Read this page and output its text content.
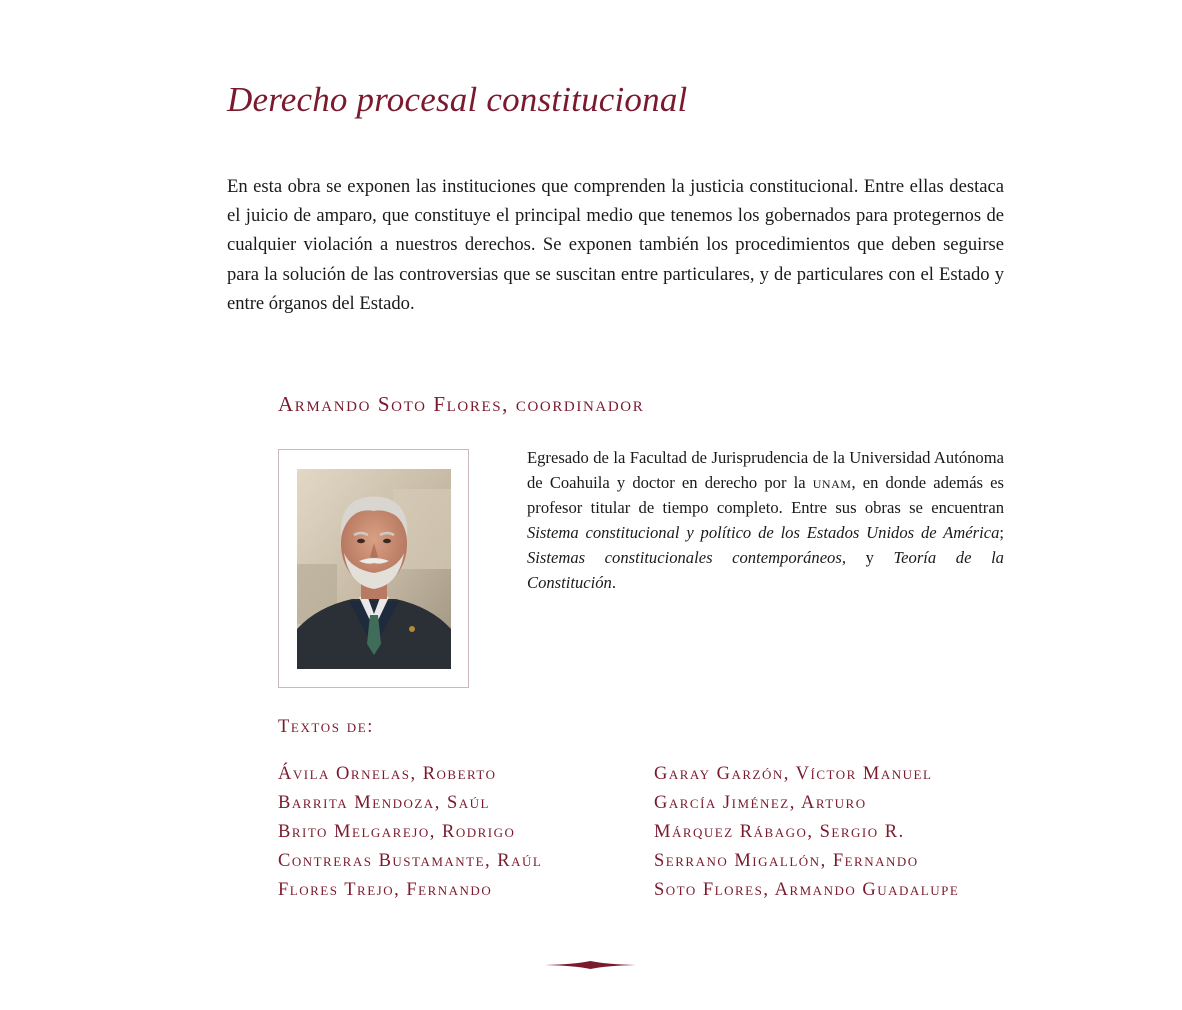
Derecho procesal constitucional

En esta obra se exponen las instituciones que comprenden la justicia constitucional. Entre ellas destaca el juicio de amparo, que constituye el principal medio que tenemos los gobernados para protegernos de cualquier violación a nuestros derechos. Se exponen también los procedimientos que deben seguirse para la solución de las controversias que se suscitan entre particulares, y de particulares con el Estado y entre órganos del Estado.

Armando Soto Flores, coordinador

Egresado de la Facultad de Jurisprudencia de la Universidad Autónoma de Coahuila y doctor en derecho por la unam, en donde además es profesor titular de tiempo completo. Entre sus obras se encuentran Sistema constitucional y político de los Estados Unidos de América; Sistemas constitucionales contemporáneos, y Teoría de la Constitución.

Textos de:
Ávila Ornelas, Roberto
Barrita Mendoza, Saúl
Brito Melgarejo, Rodrigo
Contreras Bustamante, Raúl
Flores Trejo, Fernando
Garay Garzón, Víctor Manuel
García Jiménez, Arturo
Márquez Rábago, Sergio R.
Serrano Migallón, Fernando
Soto Flores, Armando Guadalupe
